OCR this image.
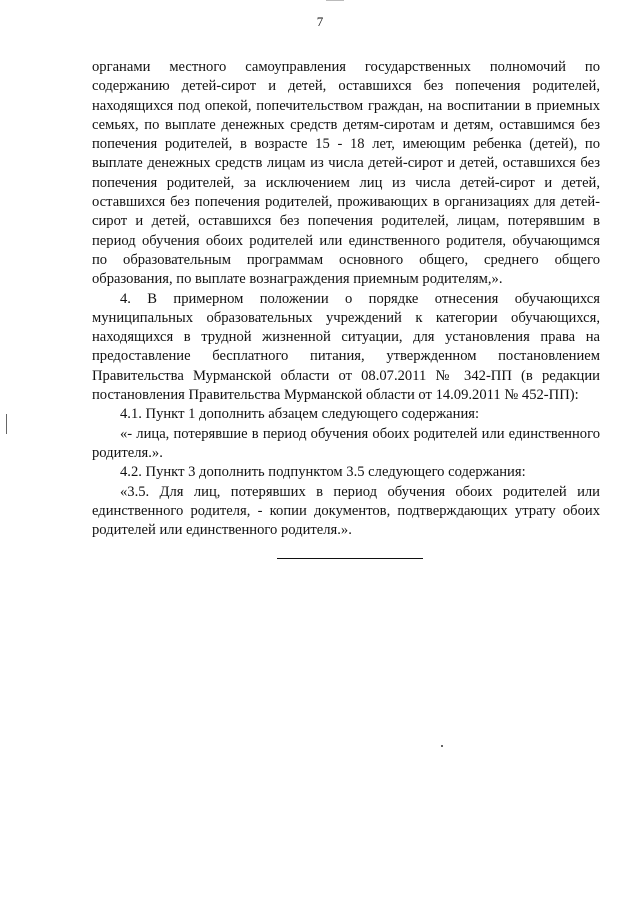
7

органами местного самоуправления государственных полномочий по содержанию детей-сирот и детей, оставшихся без попечения родителей, находящихся под опекой, попечительством граждан, на воспитании в приемных семьях, по выплате денежных средств детям-сиротам и детям, оставшимся без попечения родителей, в возрасте 15 - 18 лет, имеющим ребенка (детей), по выплате денежных средств лицам из числа детей-сирот и детей, оставшихся без попечения родителей, за исключением лиц из числа детей-сирот и детей, оставшихся без попечения родителей, проживающих в организациях для детей-сирот и детей, оставшихся без попечения родителей, лицам, потерявшим в период обучения обоих родителей или единственного родителя, обучающимся по образовательным программам основного общего, среднего общего образования, по выплате вознаграждения приемным родителям,».

4. В примерном положении о порядке отнесения обучающихся муниципальных образовательных учреждений к категории обучающихся, находящихся в трудной жизненной ситуации, для установления права на предоставление бесплатного питания, утвержденном постановлением Правительства Мурманской области от 08.07.2011 № 342-ПП (в редакции постановления Правительства Мурманской области от 14.09.2011 № 452-ПП):

4.1. Пункт 1 дополнить абзацем следующего содержания:

«- лица, потерявшие в период обучения обоих родителей или единственного родителя.».

4.2. Пункт 3 дополнить подпунктом 3.5 следующего содержания:

«3.5. Для лиц, потерявших в период обучения обоих родителей или единственного родителя, - копии документов, подтверждающих утрату обоих родителей или единственного родителя.».
